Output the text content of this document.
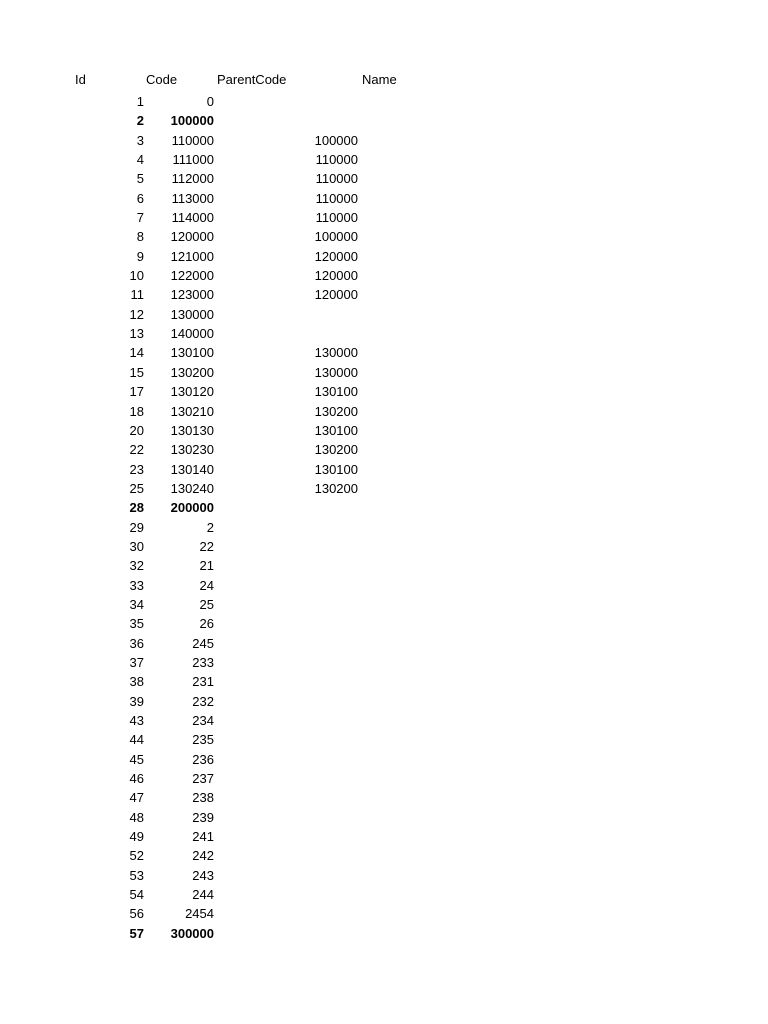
Id	Code	ParentCode	Name
1	0
2 100000
3 110000	100000
4 111000	110000
5 112000	110000
6 113000	110000
7 114000	110000
8 120000	100000
9 121000	120000
10 122000	120000
11 123000	120000
12 130000
13 140000
14 130100	130000
15 130200	130000
17 130120	130100
18 130210	130200
20 130130	130100
22 130230	130200
23 130140	130100
25 130240	130200
28 200000
29	2
30	22
32	21
33	24
34	25
35	26
36	245
37	233
38	231
39	232
43	234
44	235
45	236
46	237
47	238
48	239
49	241
52	242
53	243
54	244
56	2454
57 300000
